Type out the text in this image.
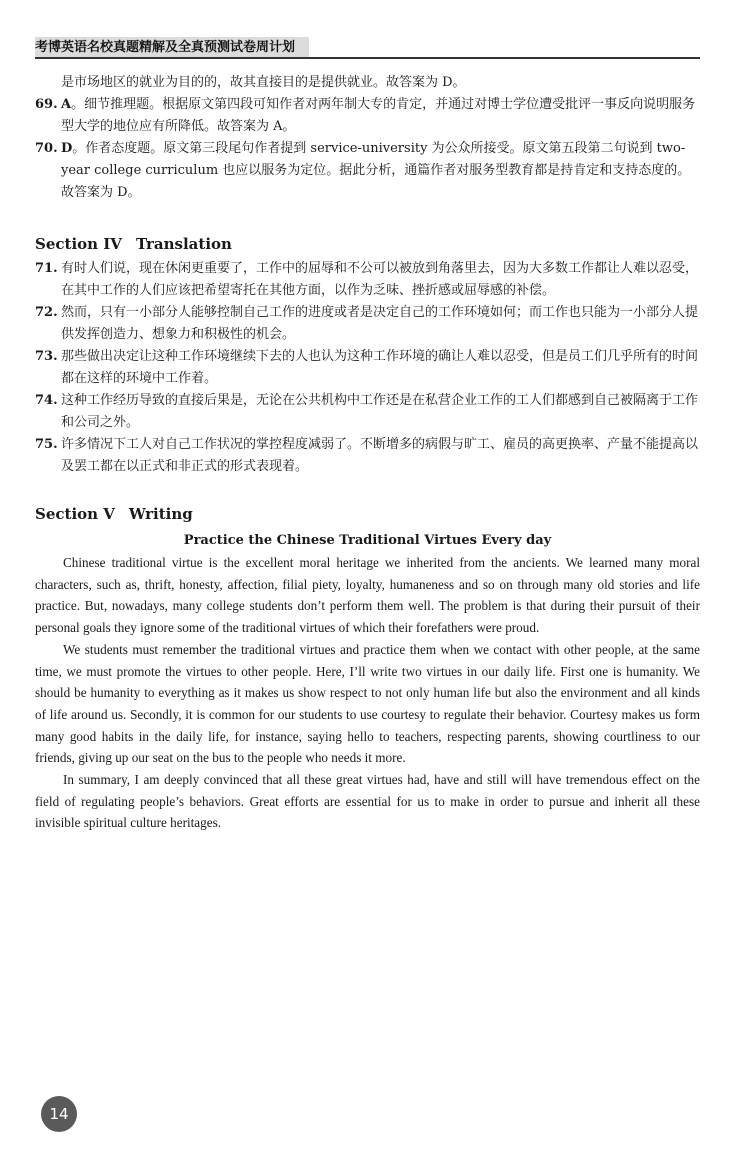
考博英语名校真题精解及全真预测试卷周计划
是市场地区的就业为目的的，故其直接目的是提供就业。故答案为 D。
69. A。细节推理题。根据原文第四段可知作者对两年制大专的肯定，并通过对博士学位遭受批评一事反向说明服务型大学的地位应有所降低。故答案为 A。
70. D。作者态度题。原文第三段尾句作者提到 service-university 为公众所接受。原文第五段第二句说到 two-year college curriculum 也应以服务为定位。据此分析，通篇作者对服务型教育都是持肯定和支持态度的。故答案为 D。
Section IV Translation
71. 有时人们说，现在休闲更重要了，工作中的屈辱和不公可以被放到角落里去，因为大多数工作都让人难以忍受，在其中工作的人们应该把希望寄托在其他方面，以作为乏味、挫折感或屈辱感的补偿。
72. 然而，只有一小部分人能够控制自己工作的进度或者是决定自己的工作环境如何；而工作也只能为一小部分人提供发挥创造力、想象力和积极性的机会。
73. 那些做出决定让这种工作环境继续下去的人也认为这种工作环境的确让人难以忍受，但是员工们几乎所有的时间都在这样的环境中工作着。
74. 这种工作经历导致的直接后果是，无论在公共机构中工作还是在私营企业工作的工人们都感到自己被隔离于工作和公司之外。
75. 许多情况下工人对自己工作状况的掌控程度减弱了。不断增多的病假与旷工、雇员的高更换率、产量不能提高以及罢工都在以正式和非正式的形式表现着。
Section V Writing
Practice the Chinese Traditional Virtues Every day

Chinese traditional virtue is the excellent moral heritage we inherited from the ancients. We learned many moral characters, such as, thrift, honesty, affection, filial piety, loyalty, humaneness and so on through many old stories and life practice. But, nowadays, many college students don’t perform them well. The problem is that during their pursuit of their personal goals they ignore some of the traditional virtues of which their forefathers were proud.

We students must remember the traditional virtues and practice them when we contact with other people, at the same time, we must promote the virtues to other people. Here, I’ll write two virtues in our daily life. First one is humanity. We should be humanity to everything as it makes us show respect to not only human life but also the environment and all kinds of life around us. Secondly, it is common for our students to use courtesy to regulate their behavior. Courtesy makes us form many good habits in the daily life, for instance, saying hello to teachers, respecting parents, showing courtliness to our friends, giving up our seat on the bus to the people who needs it more.

In summary, I am deeply convinced that all these great virtues had, have and still will have tremendous effect on the field of regulating people’s behaviors. Great efforts are essential for us to make in order to pursue and inherit all these invisible spiritual culture heritages.

14
